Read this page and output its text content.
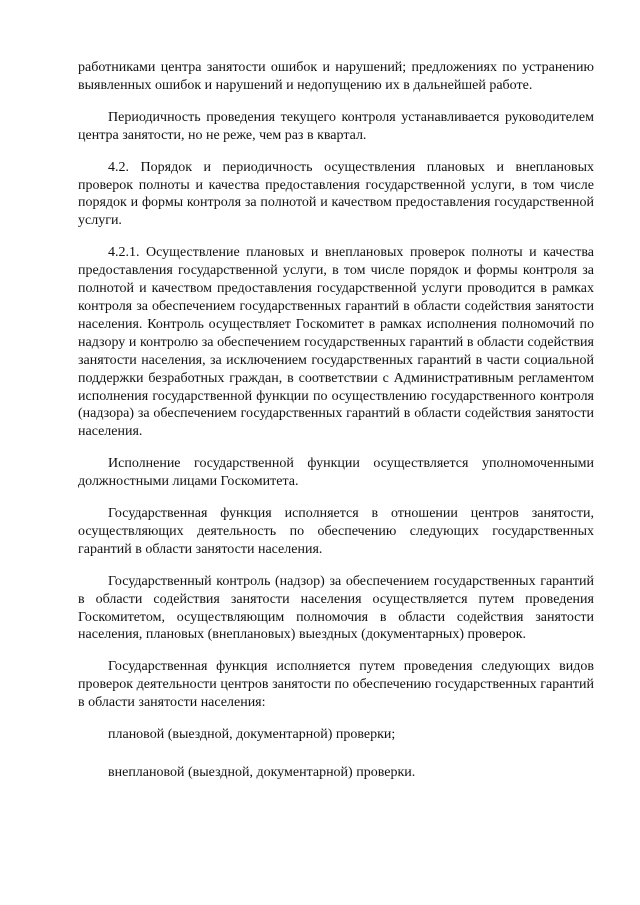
работниками центра занятости ошибок и нарушений; предложениях по устранению выявленных ошибок и нарушений и недопущению их в дальнейшей работе.

Периодичность проведения текущего контроля устанавливается руководителем центра занятости, но не реже, чем раз в квартал.

4.2. Порядок и периодичность осуществления плановых и внеплановых проверок полноты и качества предоставления государственной услуги, в том числе порядок и формы контроля за полнотой и качеством предоставления государственной услуги.

4.2.1. Осуществление плановых и внеплановых проверок полноты и качества предоставления государственной услуги, в том числе порядок и формы контроля за полнотой и качеством предоставления государственной услуги проводится в рамках контроля за обеспечением государственных гарантий в области содействия занятости населения. Контроль осуществляет Госкомитет в рамках исполнения полномочий по надзору и контролю за обеспечением государственных гарантий в области содействия занятости населения, за исключением государственных гарантий в части социальной поддержки безработных граждан, в соответствии с Административным регламентом исполнения государственной функции по осуществлению государственного контроля (надзора) за обеспечением государственных гарантий в области содействия занятости населения.

Исполнение государственной функции осуществляется уполномоченными должностными лицами Госкомитета.

Государственная функция исполняется в отношении центров занятости, осуществляющих деятельность по обеспечению следующих государственных гарантий в области занятости населения.

Государственный контроль (надзор) за обеспечением государственных гарантий в области содействия занятости населения осуществляется путем проведения Госкомитетом, осуществляющим полномочия в области содействия занятости населения, плановых (внеплановых) выездных (документарных) проверок.

Государственная функция исполняется путем проведения следующих видов проверок деятельности центров занятости по обеспечению государственных гарантий в области занятости населения:

плановой (выездной, документарной) проверки;

внеплановой (выездной, документарной) проверки.
